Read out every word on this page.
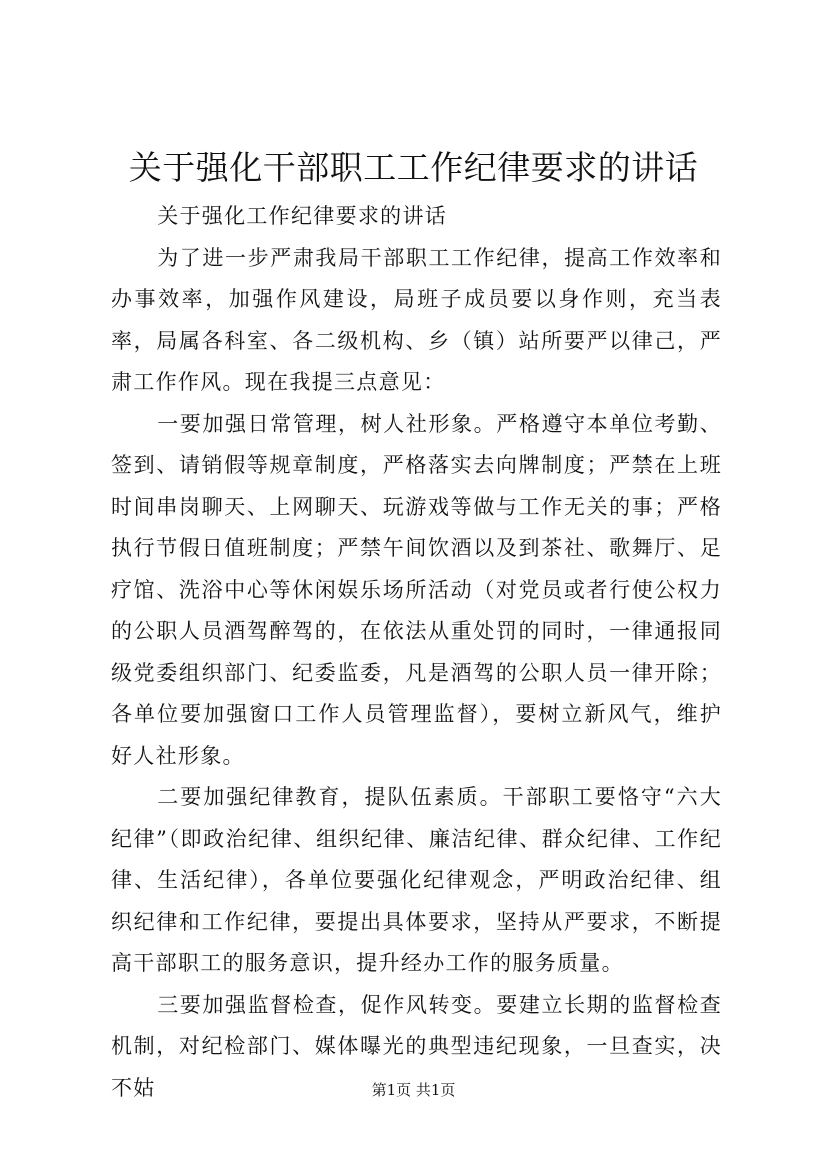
关于强化干部职工工作纪律要求的讲话

关于强化工作纪律要求的讲话

为了进一步严肃我局干部职工工作纪律，提高工作效率和办事效率，加强作风建设，局班子成员要以身作则，充当表率，局属各科室、各二级机构、乡（镇）站所要严以律己，严肃工作作风。现在我提三点意见：

一要加强日常管理，树人社形象。严格遵守本单位考勤、签到、请销假等规章制度，严格落实去向牌制度；严禁在上班时间串岗聊天、上网聊天、玩游戏等做与工作无关的事；严格执行节假日值班制度；严禁午间饮酒以及到茶社、歌舞厅、足疗馆、洗浴中心等休闲娱乐场所活动（对党员或者行使公权力的公职人员酒驾醉驾的，在依法从重处罚的同时，一律通报同级党委组织部门、纪委监委，凡是酒驾的公职人员一律开除；各单位要加强窗口工作人员管理监督），要树立新风气，维护好人社形象。

二要加强纪律教育，提队伍素质。干部职工要恪守“六大纪律”（即政治纪律、组织纪律、廉洁纪律、群众纪律、工作纪律、生活纪律），各单位要强化纪律观念，严明政治纪律、组织纪律和工作纪律，要提出具体要求，坚持从严要求，不断提高干部职工的服务意识，提升经办工作的服务质量。

三要加强监督检查，促作风转变。要建立长期的监督检查机制，对纪检部门、媒体曝光的典型违纪现象，一旦查实，决不姑	第1页 共1页
